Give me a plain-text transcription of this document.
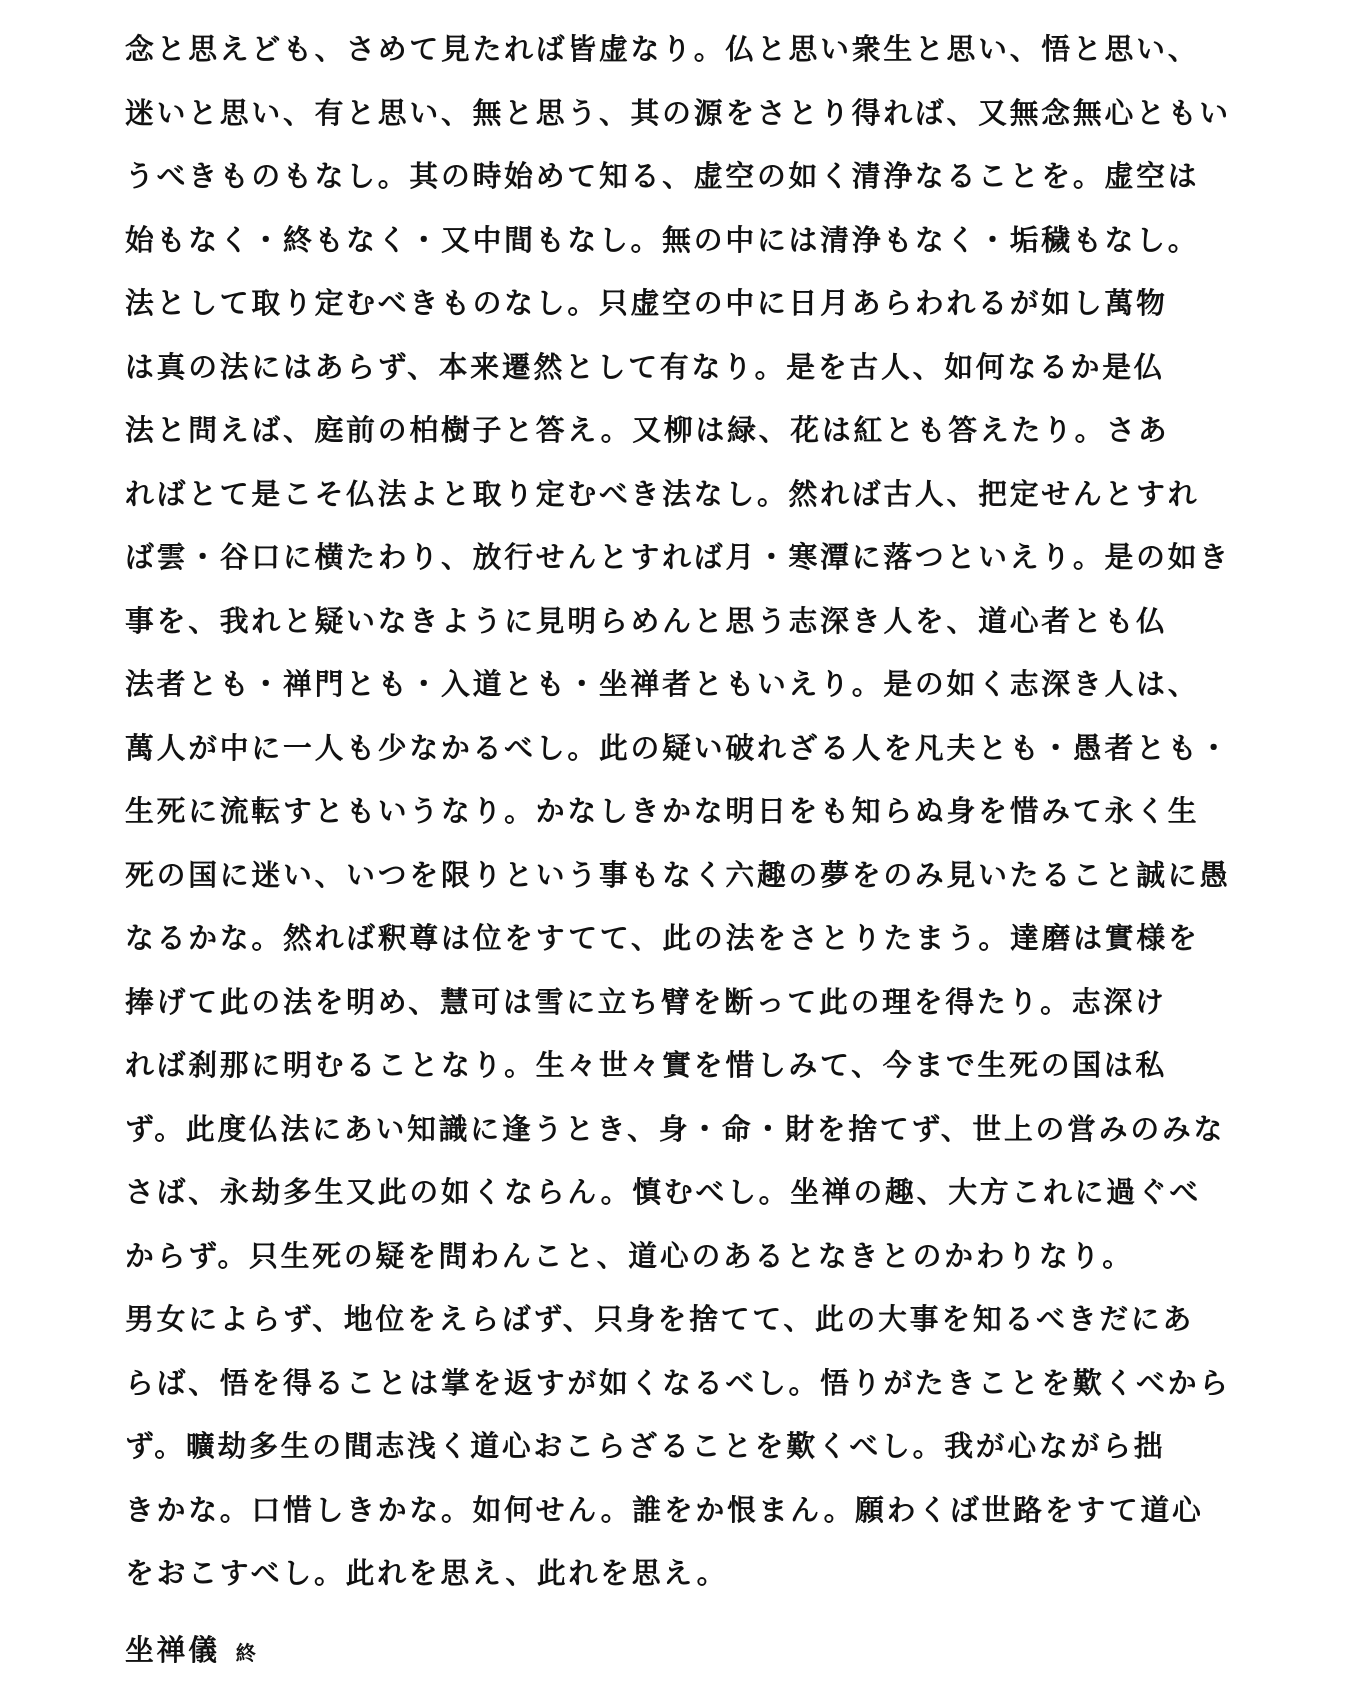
念と思えども、さめて見たれば皆虚なり。仏と思い衆生と思い、悟と思い、
迷いと思い、有と思い、無と思う、其の源をさとり得れば、又無念無心ともい
うべきものもなし。其の時始めて知る、虚空の如く清浄なることを。虚空は
始もなく・終もなく・又中間もなし。無の中には清浄もなく・垢穢もなし。
法として取り定むべきものなし。只虚空の中に日月あらわれるが如し萬物
は真の法にはあらず、本来遷然として有なり。是を古人、如何なるか是仏
法と問えば、庭前の柏樹子と答え。又柳は緑、花は紅とも答えたり。さあ
ればとて是こそ仏法よと取り定むべき法なし。然れば古人、把定せんとすれ
ば雲・谷口に横たわり、放行せんとすれば月・寒潭に落つといえり。是の如き
事を、我れと疑いなきように見明らめんと思う志深き人を、道心者とも仏
法者とも・禅門とも・入道とも・坐禅者ともいえり。是の如く志深き人は、
萬人が中に一人も少なかるべし。此の疑い破れざる人を凡夫とも・愚者とも・
生死に流転すともいうなり。かなしきかな明日をも知らぬ身を惜みて永く生
死の国に迷い、いつを限りという事もなく六趣の夢をのみ見いたること誠に愚
なるかな。然れば釈尊は位をすてて、此の法をさとりたまう。達磨は實様を
捧げて此の法を明め、慧可は雪に立ち臂を断って此の理を得たり。志深け
れば刹那に明むることなり。生々世々實を惜しみて、今まで生死の国は私
ず。此度仏法にあい知識に逢うとき、身・命・財を捨てず、世上の営みのみな
さば、永劫多生又此の如くならん。慎むべし。坐禅の趣、大方これに過ぐべ
からず。只生死の疑を問わんこと、道心のあるとなきとのかわりなり。
男女によらず、地位をえらばず、只身を捨てて、此の大事を知るべきだにあ
らば、悟を得ることは掌を返すが如くなるべし。悟りがたきことを歎くべから
ず。曠劫多生の間志浅く道心おこらざることを歎くべし。我が心ながら拙
きかな。口惜しきかな。如何せん。誰をか恨まん。願わくば世路をすて道心
をおこすべし。此れを思え、此れを思え。
坐禅儀 終
